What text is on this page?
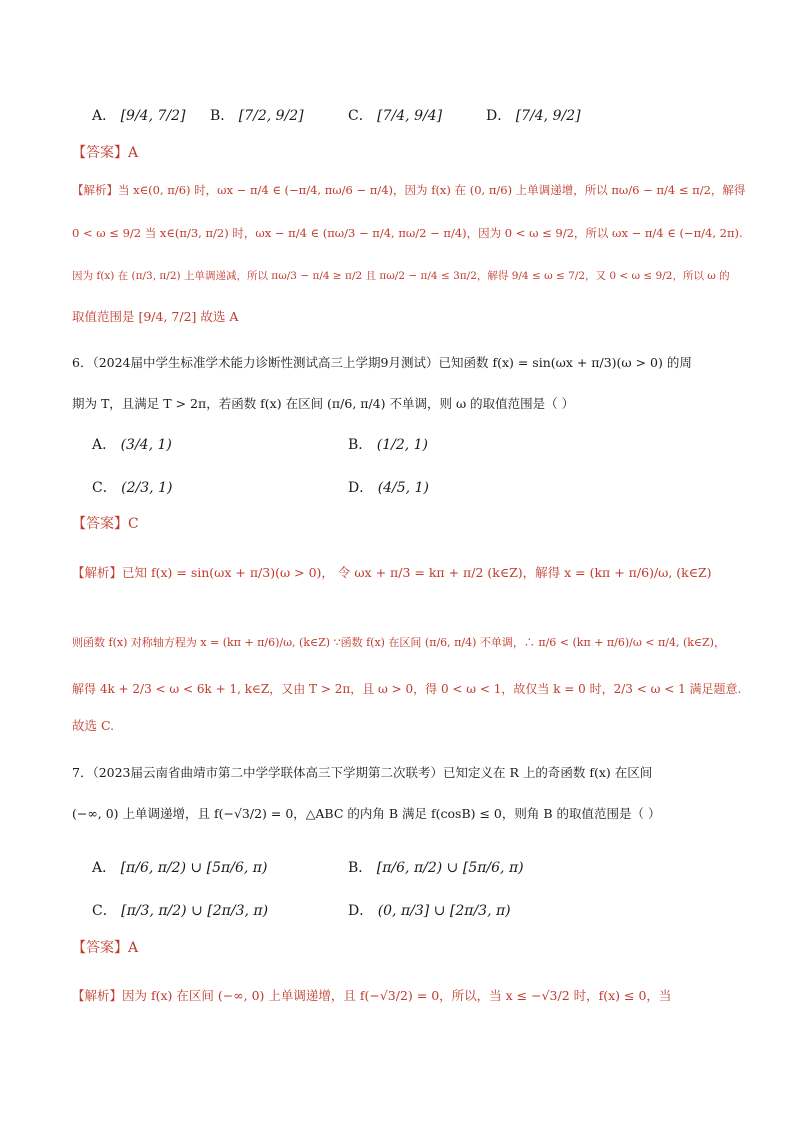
A． [9/4, 7/2] B． [7/2, 9/2]	C． [7/4, 9/4]	D． [7/4, 9/2]
【答案】A
【解析】当 x∈(0, π/6) 时，ωx − π/4 ∈ (−π/4, πω/6 − π/4)，因为 f(x) 在 (0, π/6) 上单调递增，所以 πω/6 − π/4 ≤ π/2，解得
0 < ω ≤ 9/2 当 x∈(π/3, π/2) 时，ωx − π/4 ∈ (πω/3 − π/4, πω/2 − π/4)，因为 0 < ω ≤ 9/2，所以 ωx − π/4 ∈ (−π/4, 2π).
因为 f(x) 在 (π/3, π/2) 上单调递减，所以 πω/3 − π/4 ≥ π/2 且 πω/2 − π/4 ≤ 3π/2，解得 9/4 ≤ ω ≤ 7/2，又 0 < ω ≤ 9/2，所以 ω 的
取值范围是 [9/4, 7/2] 故选 A
6．（2024届中学生标准学术能力诊断性测试高三上学期9月测试）已知函数 f(x) = sin(ωx + π/3)(ω > 0) 的周
期为 T，且满足 T > 2π，若函数 f(x) 在区间 (π/6, π/4) 不单调，则 ω 的取值范围是（ ）
A． (3/4, 1)	B． (1/2, 1)
C． (2/3, 1)	D． (4/5, 1)
【答案】C
【解析】已知 f(x) = sin(ωx + π/3)(ω > 0)， 令 ωx + π/3 = kπ + π/2 (k∈Z)，解得 x = (kπ + π/6)/ω, (k∈Z)
则函数 f(x) 对称轴方程为 x = (kπ + π/6)/ω, (k∈Z) ∵函数 f(x) 在区间 (π/6, π/4) 不单调，∴ π/6 < (kπ + π/6)/ω < π/4, (k∈Z)，
解得 4k + 2/3 < ω < 6k + 1, k∈Z，又由 T > 2π，且 ω > 0，得 0 < ω < 1，故仅当 k = 0 时，2/3 < ω < 1 满足题意.
故选 C.
7．（2023届云南省曲靖市第二中学学联体高三下学期第二次联考）已知定义在 R 上的奇函数 f(x) 在区间
(−∞, 0) 上单调递增，且 f(−√3/2) = 0，△ABC 的内角 B 满足 f(cosB) ≤ 0，则角 B 的取值范围是（ ）
A． [π/6, π/2) ∪ [5π/6, π)	B． [π/6, π/2) ∪ [5π/6, π)
C． [π/3, π/2) ∪ [2π/3, π)	D． (0, π/3] ∪ [2π/3, π)
【答案】A
【解析】因为 f(x) 在区间 (−∞, 0) 上单调递增，且 f(−√3/2) = 0，所以，当 x ≤ −√3/2 时，f(x) ≤ 0，当
